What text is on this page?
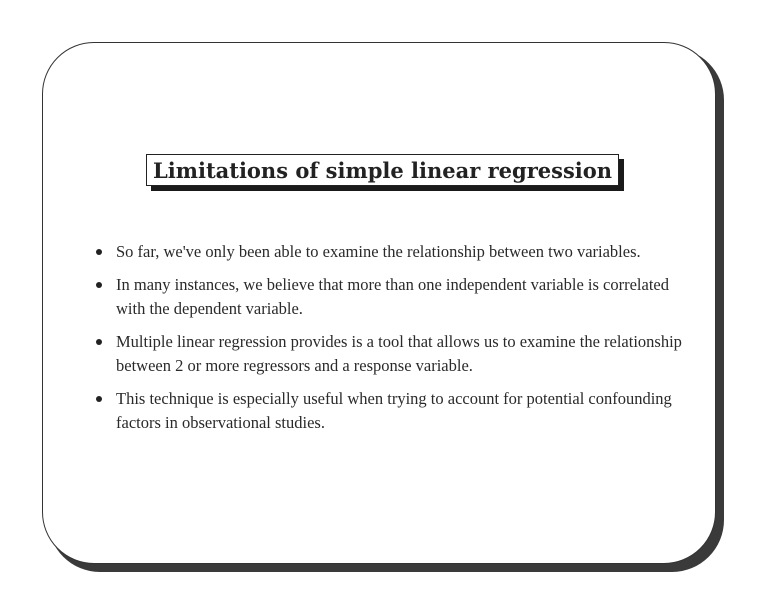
Limitations of simple linear regression
So far, we've only been able to examine the relationship between two variables.
In many instances, we believe that more than one independent variable is correlated with the dependent variable.
Multiple linear regression provides is a tool that allows us to examine the relationship between 2 or more regressors and a response variable.
This technique is especially useful when trying to account for potential confounding factors in observational studies.
